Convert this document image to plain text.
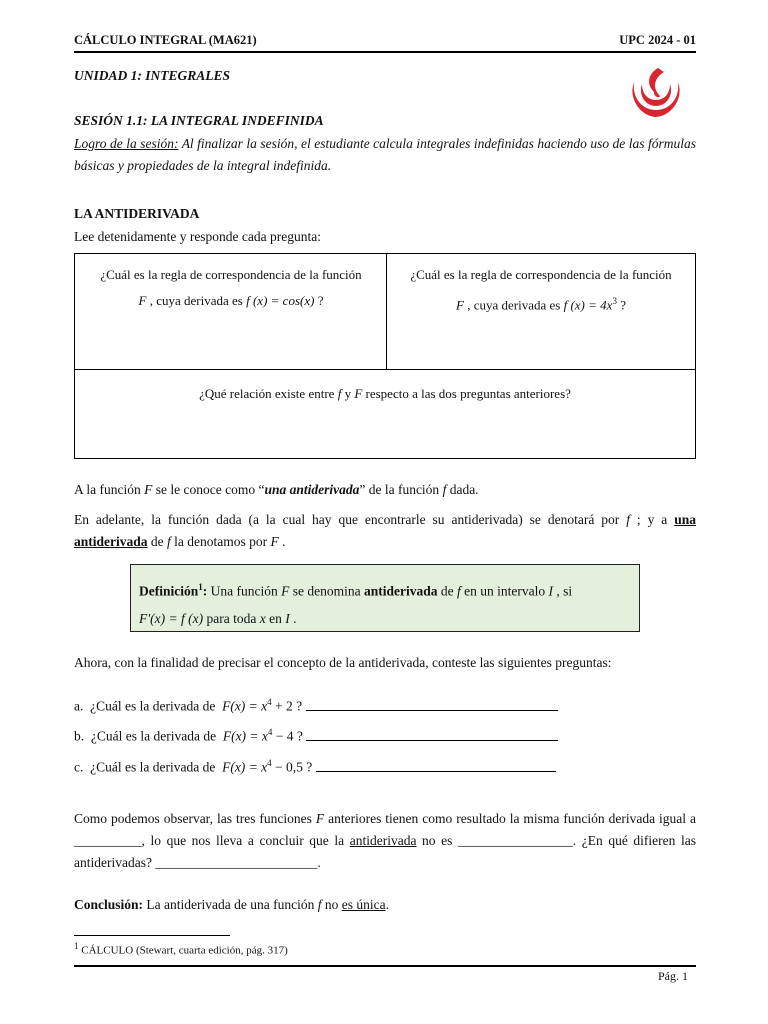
CÁLCULO INTEGRAL (MA621)	UPC 2024 - 01
UNIDAD 1: INTEGRALES
SESIÓN 1.1: LA INTEGRAL INDEFINIDA
Logro de la sesión: Al finalizar la sesión, el estudiante calcula integrales indefinidas haciendo uso de las fórmulas básicas y propiedades de la integral indefinida.
LA ANTIDERIVADA
Lee detenidamente y responde cada pregunta:
¿Cuál es la regla de correspondencia de la función
F , cuya derivada es f (x) = cos(x) ?
¿Cuál es la regla de correspondencia de la función
F , cuya derivada es f $(x) = 4x^3$ ?
¿Qué relación existe entre f y F respecto a las dos preguntas anteriores?
A la función F se le conoce como “una antiderivada” de la función f dada.
En adelante, la función dada (a la cual hay que encontrarle su antiderivada) se denotará por f ; y a una antiderivada de f la denotamos por F .
Definición$^1$: Una función F se denomina antiderivada de f en un intervalo I , si
F'(x) = f (x) para toda x en I .
Ahora, con la finalidad de precisar el concepto de la antiderivada, conteste las siguientes preguntas:
a. ¿Cuál es la derivada de  $F(x) = x^4 + 2$ ?
b. ¿Cuál es la derivada de  $F(x) = x^4 - 4$ ?
c. ¿Cuál es la derivada de  $F(x) = x^4 - 0,5$ ?
Como podemos observar, las tres funciones F anteriores tienen como resultado la misma función derivada igual a __________, lo que nos lleva a concluir que la antiderivada no es _________________. ¿En qué difieren las antiderivadas? ________________________.
Conclusión: La antiderivada de una función f no es única.
$^1$ CÁLCULO (Stewart, cuarta edición, pág. 317)
Pág. 1
